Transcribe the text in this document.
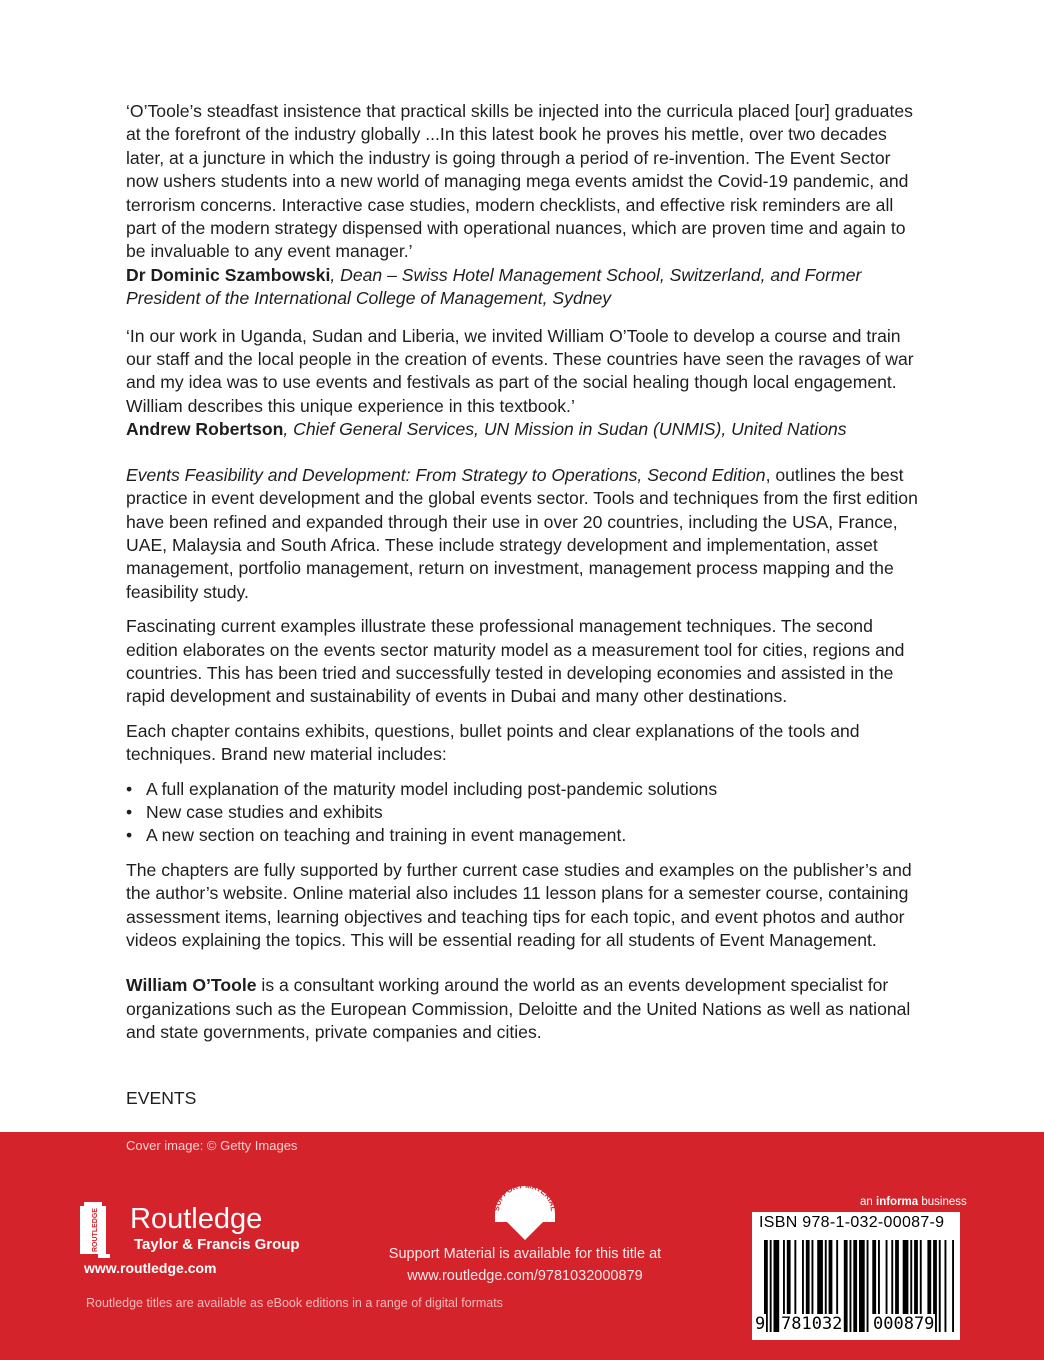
‘O’Toole’s steadfast insistence that practical skills be injected into the curricula placed [our] graduates at the forefront of the industry globally ...In this latest book he proves his mettle, over two decades later, at a juncture in which the industry is going through a period of re-invention. The Event Sector now ushers students into a new world of managing mega events amidst the Covid-19 pandemic, and terrorism concerns. Interactive case studies, modern checklists, and effective risk reminders are all part of the modern strategy dispensed with operational nuances, which are proven time and again to be invaluable to any event manager.’
Dr Dominic Szambowski, Dean – Swiss Hotel Management School, Switzerland, and Former President of the International College of Management, Sydney

‘In our work in Uganda, Sudan and Liberia, we invited William O’Toole to develop a course and train our staff and the local people in the creation of events. These countries have seen the ravages of war and my idea was to use events and festivals as part of the social healing though local engagement. William describes this unique experience in this textbook.’
Andrew Robertson, Chief General Services, UN Mission in Sudan (UNMIS), United Nations

Events Feasibility and Development: From Strategy to Operations, Second Edition, outlines the best practice in event development and the global events sector. Tools and techniques from the first edition have been refined and expanded through their use in over 20 countries, including the USA, France, UAE, Malaysia and South Africa. These include strategy development and implementation, asset management, portfolio management, return on investment, management process mapping and the feasibility study.

Fascinating current examples illustrate these professional management techniques. The second edition elaborates on the events sector maturity model as a measurement tool for cities, regions and countries. This has been tried and successfully tested in developing economies and assisted in the rapid development and sustainability of events in Dubai and many other destinations.

Each chapter contains exhibits, questions, bullet points and clear explanations of the tools and techniques. Brand new material includes:

• A full explanation of the maturity model including post-pandemic solutions
• New case studies and exhibits
• A new section on teaching and training in event management.

The chapters are fully supported by further current case studies and examples on the publisher’s and the author’s website. Online material also includes 11 lesson plans for a semester course, containing assessment items, learning objectives and teaching tips for each topic, and event photos and author videos explaining the topics. This will be essential reading for all students of Event Management.

William O’Toole is a consultant working around the world as an events development specialist for organizations such as the European Commission, Deloitte and the United Nations as well as national and state governments, private companies and cities.

EVENTS
Cover image: © Getty Images
ROUTLEDGE Routledge
Taylor & Francis Group
www.routledge.com
SUPPORT MATERIAL
Support Material is available for this title at
www.routledge.com/9781032000879
Routledge titles are available as eBook editions in a range of digital formats
an informa business
ISBN 978-1-032-00087-9
9 781032 000879
